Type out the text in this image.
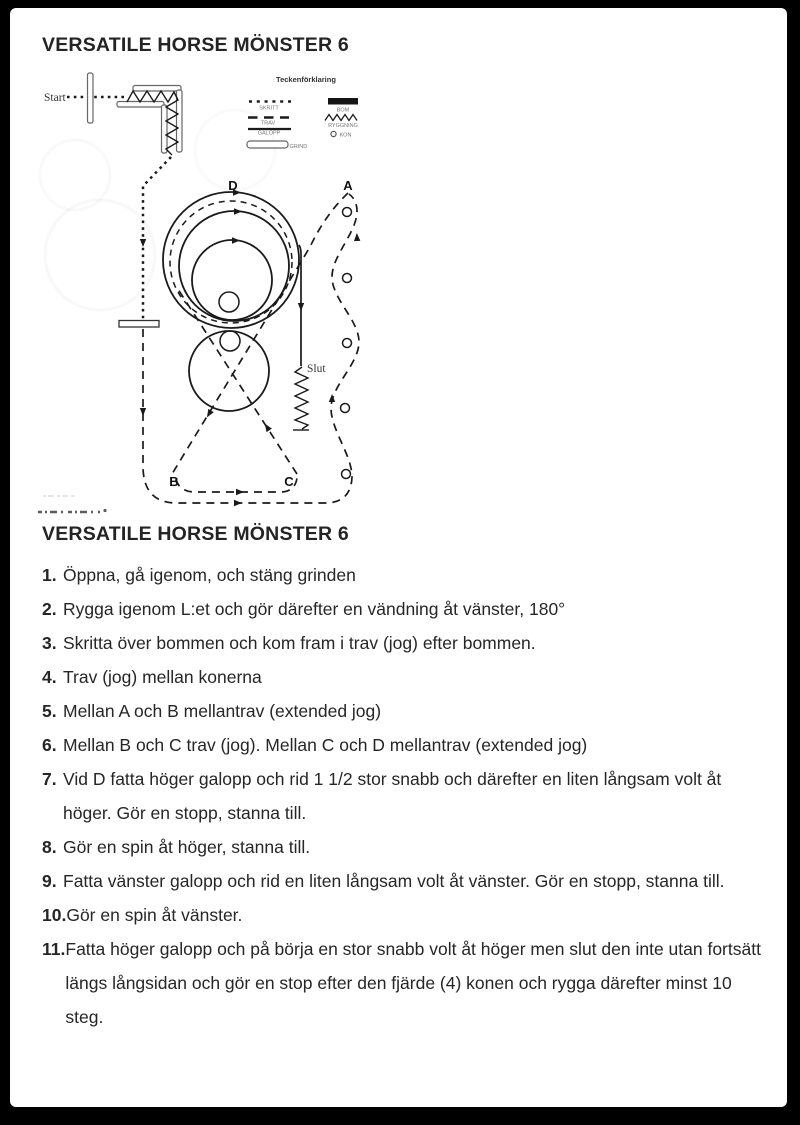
VERSATILE HORSE MÖNSTER 6
Start
Slut
D	A
B	C
Teckenförklaring
SKRITT
TRAV
GALOPP
GRIND
BOM
RYGGNING
KON
VERSATILE HORSE MÖNSTER 6
1. Öppna, gå igenom, och stäng grinden
2. Rygga igenom L:et och gör därefter en vändning åt vänster, 180°
3. Skritta över bommen och kom fram i trav (jog) efter bommen.
4. Trav (jog) mellan konerna
5. Mellan A och B mellantrav (extended jog)
6. Mellan B och C trav (jog). Mellan C och D mellantrav (extended jog)
7. Vid D fatta höger galopp och rid 1 1/2 stor snabb och därefter en liten långsam volt åt höger. Gör en stopp, stanna till.
8. Gör en spin åt höger, stanna till.
9. Fatta vänster galopp och rid en liten långsam volt åt vänster. Gör en stopp, stanna till.
10. Gör en spin åt vänster.
11. Fatta höger galopp och på börja en stor snabb volt åt höger men slut den inte utan fortsätt längs långsidan och gör en stop efter den fjärde (4) konen och rygga därefter minst 10 steg.
